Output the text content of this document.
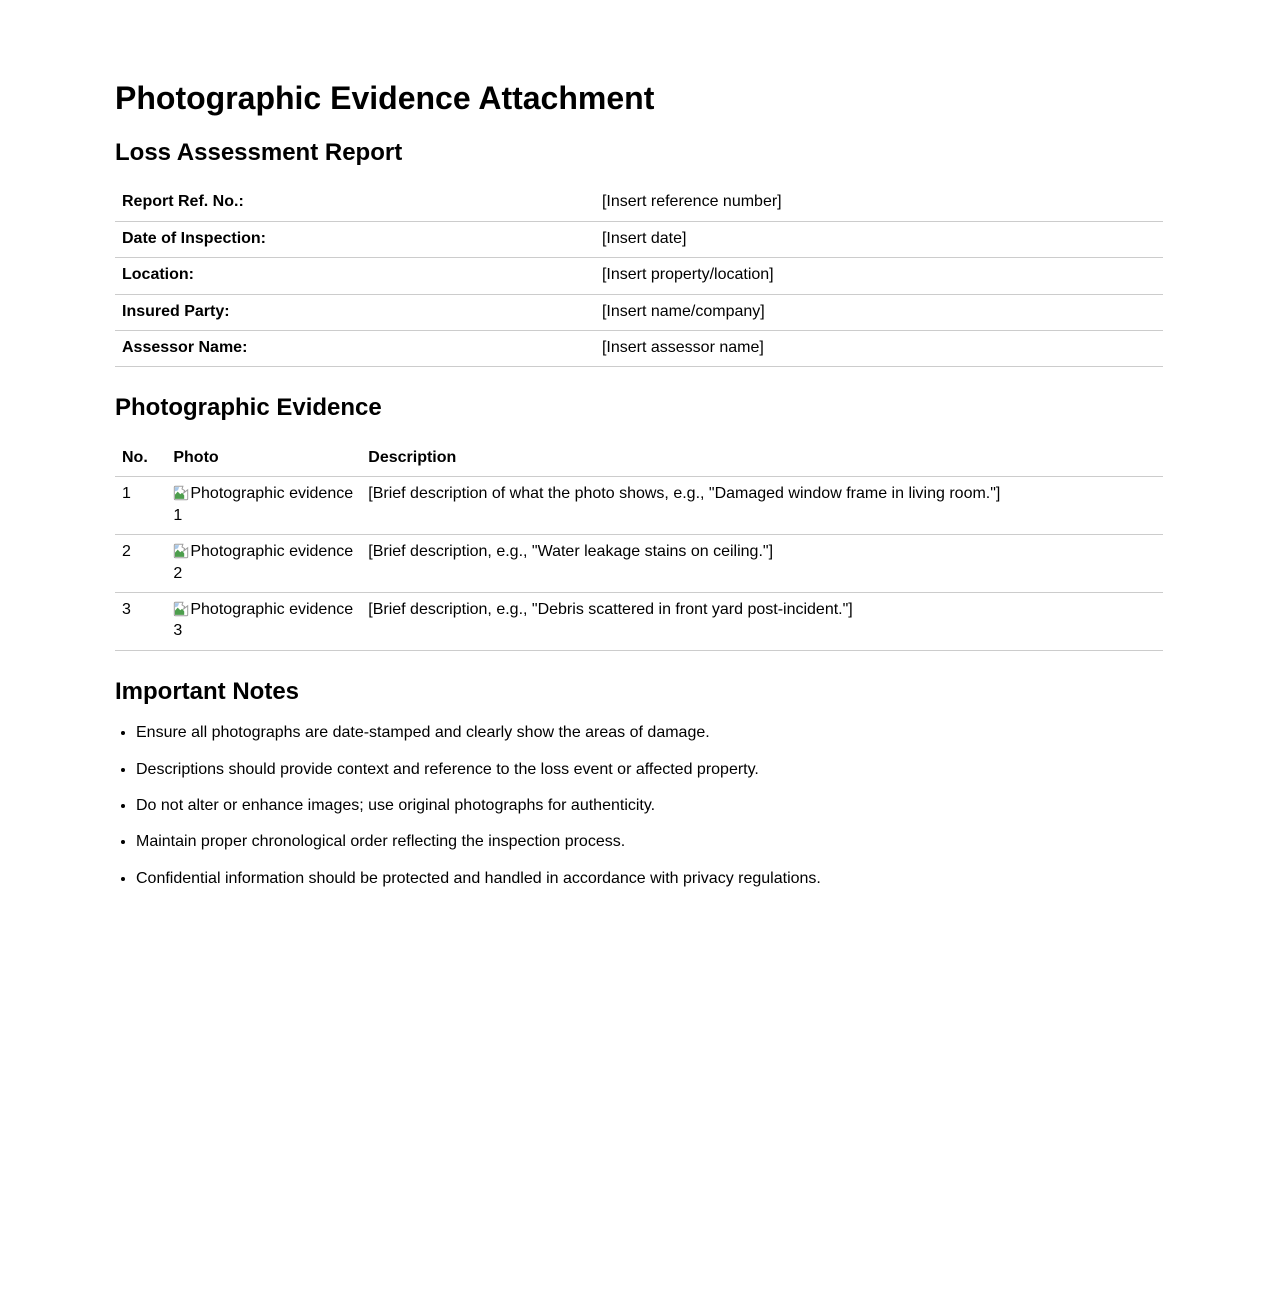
Photographic Evidence Attachment
Loss Assessment Report
Report Ref. No.:	[Insert reference number]
Date of Inspection:	[Insert date]
Location:	[Insert property/location]
Insured Party:	[Insert name/company]
Assessor Name:	[Insert assessor name]
Photographic Evidence
No.	Photo	Description
1	Photographic evidence 1	[Brief description of what the photo shows, e.g., "Damaged window frame in living room."]
2	Photographic evidence 2	[Brief description, e.g., "Water leakage stains on ceiling."]
3	Photographic evidence 3	[Brief description, e.g., "Debris scattered in front yard post-incident."]
Important Notes
• Ensure all photographs are date-stamped and clearly show the areas of damage.
• Descriptions should provide context and reference to the loss event or affected property.
• Do not alter or enhance images; use original photographs for authenticity.
• Maintain proper chronological order reflecting the inspection process.
• Confidential information should be protected and handled in accordance with privacy regulations.
